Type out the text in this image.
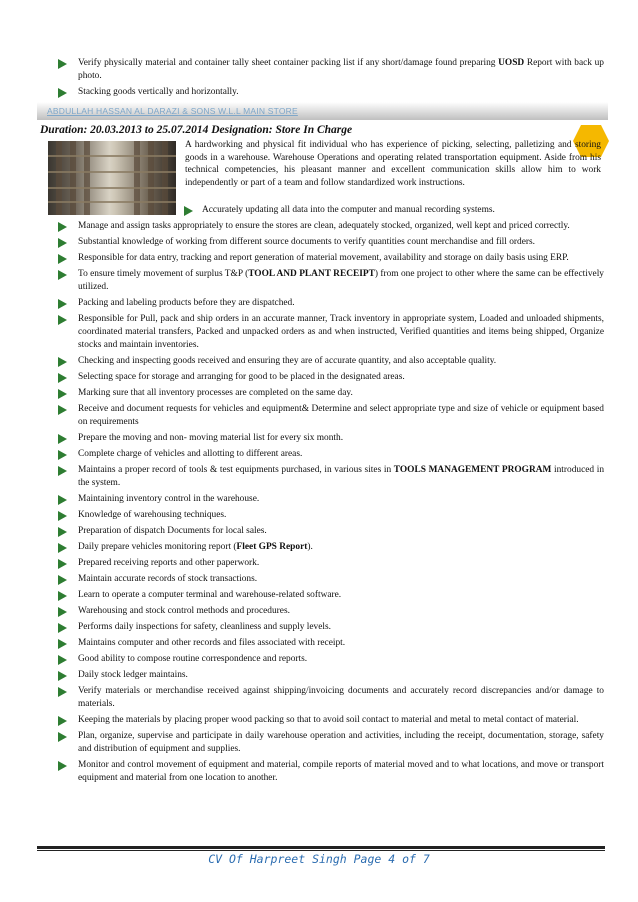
Verify physically material and container tally sheet container packing list if any short/damage found preparing UOSD Report with back up photo.
Stacking goods vertically and horizontally.
ABDULLAH HASSAN AL DARAZI & SONS W.L.L MAIN STORE
Duration: 20.03.2013 to 25.07.2014 Designation: Store In Charge
A hardworking and physical fit individual who has experience of picking, selecting, palletizing and storing goods in a warehouse. Warehouse Operations and operating related transportation equipment. Aside from his technical competencies, his pleasant manner and excellent communication skills allow him to work independently or part of a team and follow standardized work instructions.
Accurately updating all data into the computer and manual recording systems.
Manage and assign tasks appropriately to ensure the stores are clean, adequately stocked, organized, well kept and priced correctly.
Substantial knowledge of working from different source documents to verify quantities count merchandise and fill orders.
Responsible for data entry, tracking and report generation of material movement, availability and storage on daily basis using ERP.
To ensure timely movement of surplus T&P (TOOL AND PLANT RECEIPT) from one project to other where the same can be effectively utilized.
Packing and labeling products before they are dispatched.
Responsible for Pull, pack and ship orders in an accurate manner, Track inventory in appropriate system, Loaded and unloaded shipments, coordinated material transfers, Packed and unpacked orders as and when instructed, Verified quantities and items being shipped, Organize stocks and maintain inventories.
Checking and inspecting goods received and ensuring they are of accurate quantity, and also acceptable quality.
Selecting space for storage and arranging for good to be placed in the designated areas.
Marking sure that all inventory processes are completed on the same day.
Receive and document requests for vehicles and equipment& Determine and select appropriate type and size of vehicle or equipment based on requirements
Prepare the moving and non- moving material list for every six month.
Complete charge of vehicles and allotting to different areas.
Maintains a proper record of tools & test equipments purchased, in various sites in TOOLS MANAGEMENT PROGRAM introduced in the system.
Maintaining inventory control in the warehouse.
Knowledge of warehousing techniques.
Preparation of dispatch Documents for local sales.
Daily prepare vehicles monitoring report (Fleet GPS Report).
Prepared receiving reports and other paperwork.
Maintain accurate records of stock transactions.
Learn to operate a computer terminal and warehouse-related software.
Warehousing and stock control methods and procedures.
Performs daily inspections for safety, cleanliness and supply levels.
Maintains computer and other records and files associated with receipt.
Good ability to compose routine correspondence and reports.
Daily stock ledger maintains.
Verify materials or merchandise received against shipping/invoicing documents and accurately record discrepancies and/or damage to materials.
Keeping the materials by placing proper wood packing so that to avoid soil contact to material and metal to metal contact of material.
Plan, organize, supervise and participate in daily warehouse operation and activities, including the receipt, documentation, storage, safety and distribution of equipment and supplies.
Monitor and control movement of equipment and material, compile reports of material moved and to what locations, and move or transport equipment and material from one location to another.
CV Of Harpreet Singh Page 4 of 7
